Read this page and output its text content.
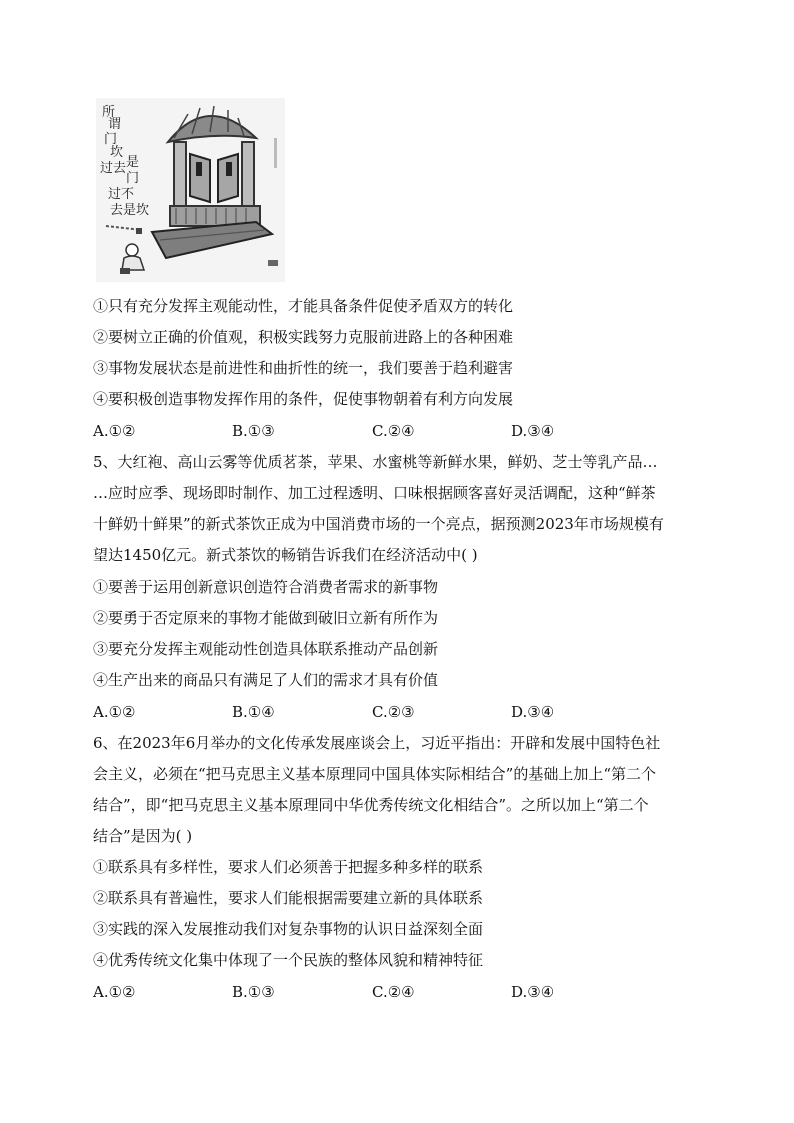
所
谓
门
坎
过去 是
门
过不
去是坎
①只有充分发挥主观能动性，才能具备条件促使矛盾双方的转化
②要树立正确的价值观，积极实践努力克服前进路上的各种困难
③事物发展状态是前进性和曲折性的统一，我们要善于趋利避害
④要积极创造事物发挥作用的条件，促使事物朝着有利方向发展
A.①②	B.①③	C.②④	D.③④
5、大红袍、高山云雾等优质茗茶，苹果、水蜜桃等新鲜水果，鲜奶、芝士等乳产品…
…应时应季、现场即时制作、加工过程透明、口味根据顾客喜好灵活调配，这种“鲜茶
十鲜奶十鲜果”的新式茶饮正成为中国消费市场的一个亮点，据预测2023年市场规模有
望达1450亿元。新式茶饮的畅销告诉我们在经济活动中( )
①要善于运用创新意识创造符合消费者需求的新事物
②要勇于否定原来的事物才能做到破旧立新有所作为
③要充分发挥主观能动性创造具体联系推动产品创新
④生产出来的商品只有满足了人们的需求才具有价值
A.①②	B.①④	C.②③	D.③④
6、在2023年6月举办的文化传承发展座谈会上，习近平指出：开辟和发展中国特色社
会主义，必须在“把马克思主义基本原理同中国具体实际相结合”的基础上加上“第二个
结合”，即“把马克思主义基本原理同中华优秀传统文化相结合”。之所以加上“第二个
结合”是因为( )
①联系具有多样性，要求人们必须善于把握多种多样的联系
②联系具有普遍性，要求人们能根据需要建立新的具体联系
③实践的深入发展推动我们对复杂事物的认识日益深刻全面
④优秀传统文化集中体现了一个民族的整体风貌和精神特征
A.①②	B.①③	C.②④	D.③④
